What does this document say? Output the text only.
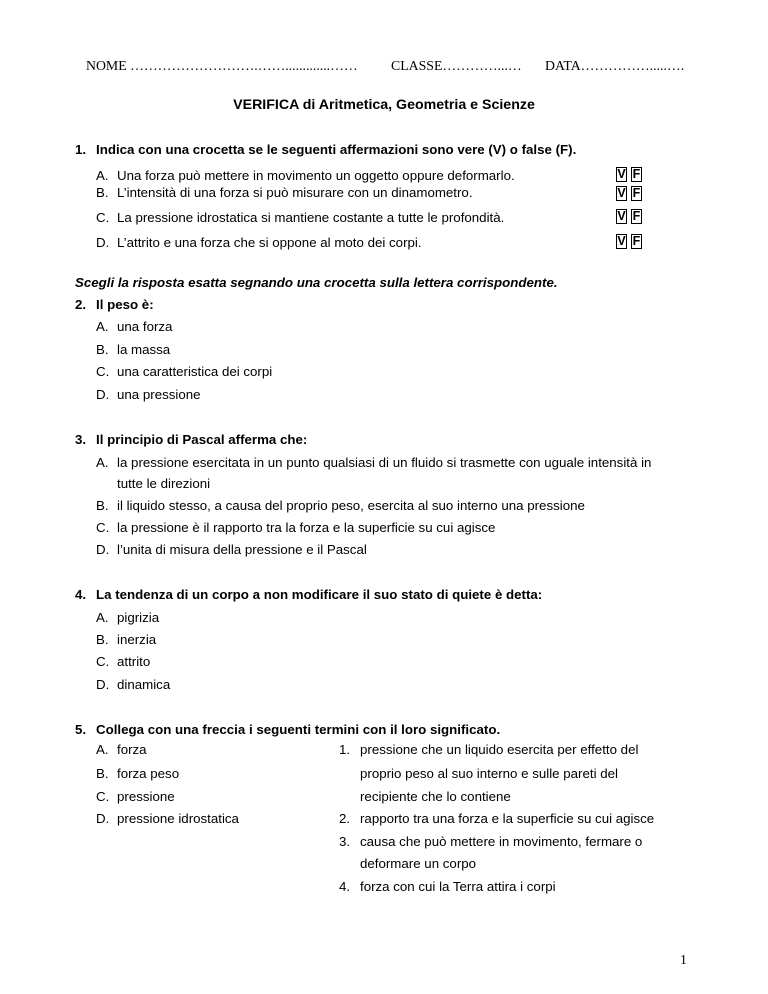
NOME ……………………….…….............…… CLASSE…………...… DATA…………….....….
VERIFICA di Aritmetica, Geometria e Scienze
1. Indica con una crocetta se le seguenti affermazioni sono vere (V) o false (F).
A. Una forza può mettere in movimento un oggetto oppure deformarlo.	V F
B. L’intensità di una forza si può misurare con un dinamometro.	V F
C. La pressione idrostatica si mantiene costante a tutte le profondità.	V F
D. L’attrito e una forza che si oppone al moto dei corpi.	V F
Scegli la risposta esatta segnando una crocetta sulla lettera corrispondente.
2. Il peso è:
A. una forza
B. la massa
C. una caratteristica dei corpi
D. una pressione
3. Il principio di Pascal afferma che:
A. la pressione esercitata in un punto qualsiasi di un fluido si trasmette con uguale intensità in
tutte le direzioni
B. il liquido stesso, a causa del proprio peso, esercita al suo interno una pressione
C. la pressione è il rapporto tra la forza e la superficie su cui agisce
D. l’unita di misura della pressione e il Pascal
4. La tendenza di un corpo a non modificare il suo stato di quiete è detta:
A. pigrizia
B. inerzia
C. attrito
D. dinamica
5. Collega con una freccia i seguenti termini con il loro significato.
A. forza
B. forza peso
C. pressione
D. pressione idrostatica
1. pressione che un liquido esercita per effetto del
proprio peso al suo interno e sulle pareti del
recipiente che lo contiene
2. rapporto tra una forza e la superficie su cui agisce
3. causa che può mettere in movimento, fermare o
deformare un corpo
4. forza con cui la Terra attira i corpi
1
